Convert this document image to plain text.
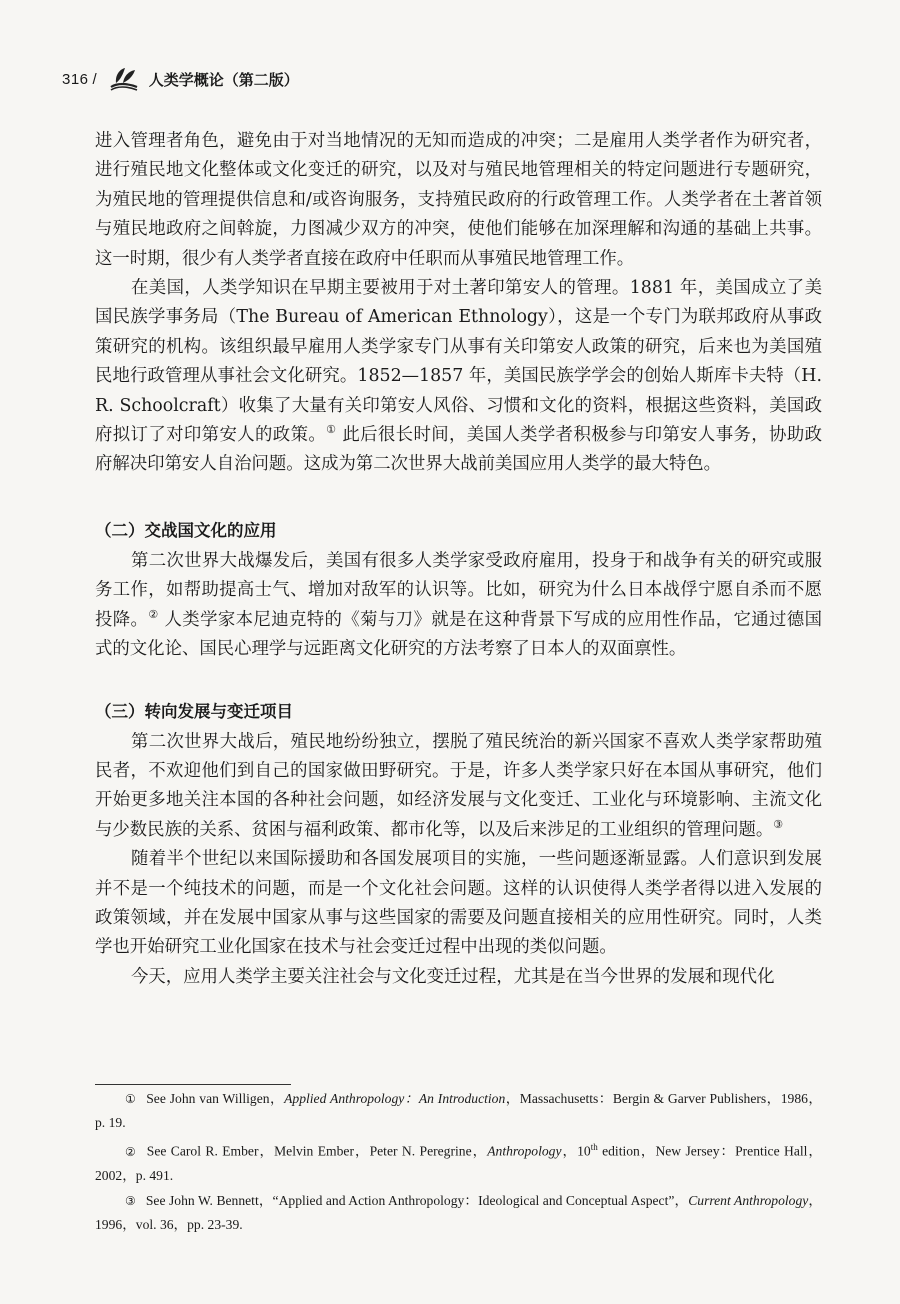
316 /	人类学概论（第二版）

进入管理者角色，避免由于对当地情况的无知而造成的冲突；二是雇用人类学者作为研究者，进行殖民地文化整体或文化变迁的研究，以及对与殖民地管理相关的特定问题进行专题研究，为殖民地的管理提供信息和/或咨询服务，支持殖民政府的行政管理工作。人类学者在土著首领与殖民地政府之间斡旋，力图减少双方的冲突，使他们能够在加深理解和沟通的基础上共事。这一时期，很少有人类学者直接在政府中任职而从事殖民地管理工作。

在美国，人类学知识在早期主要被用于对土著印第安人的管理。1881 年，美国成立了美国民族学事务局（The Bureau of American Ethnology），这是一个专门为联邦政府从事政策研究的机构。该组织最早雇用人类学家专门从事有关印第安人政策的研究，后来也为美国殖民地行政管理从事社会文化研究。1852—1857 年，美国民族学学会的创始人斯库卡夫特（H. R. Schoolcraft）收集了大量有关印第安人风俗、习惯和文化的资料，根据这些资料，美国政府拟订了对印第安人的政策。① 此后很长时间，美国人类学者积极参与印第安人事务，协助政府解决印第安人自治问题。这成为第二次世界大战前美国应用人类学的最大特色。

（二）交战国文化的应用

第二次世界大战爆发后，美国有很多人类学家受政府雇用，投身于和战争有关的研究或服务工作，如帮助提高士气、增加对敌军的认识等。比如，研究为什么日本战俘宁愿自杀而不愿投降。② 人类学家本尼迪克特的《菊与刀》就是在这种背景下写成的应用性作品，它通过德国式的文化论、国民心理学与远距离文化研究的方法考察了日本人的双面禀性。

（三）转向发展与变迁项目

第二次世界大战后，殖民地纷纷独立，摆脱了殖民统治的新兴国家不喜欢人类学家帮助殖民者，不欢迎他们到自己的国家做田野研究。于是，许多人类学家只好在本国从事研究，他们开始更多地关注本国的各种社会问题，如经济发展与文化变迁、工业化与环境影响、主流文化与少数民族的关系、贫困与福利政策、都市化等，以及后来涉足的工业组织的管理问题。③

随着半个世纪以来国际援助和各国发展项目的实施，一些问题逐渐显露。人们意识到发展并不是一个纯技术的问题，而是一个文化社会问题。这样的认识使得人类学者得以进入发展的政策领域，并在发展中国家从事与这些国家的需要及问题直接相关的应用性研究。同时，人类学也开始研究工业化国家在技术与社会变迁过程中出现的类似问题。

今天，应用人类学主要关注社会与文化变迁过程，尤其是在当今世界的发展和现代化

① See John van Willigen，Applied Anthropology：An Introduction，Massachusetts：Bergin & Garver Publishers，1986，p. 19.

② See Carol R. Ember，Melvin Ember，Peter N. Peregrine，Anthropology，10th edition，New Jersey：Prentice Hall，2002，p. 491.

③ See John W. Bennett，“Applied and Action Anthropology：Ideological and Conceptual Aspect”，Current Anthropology，1996，vol. 36，pp. 23-39.
